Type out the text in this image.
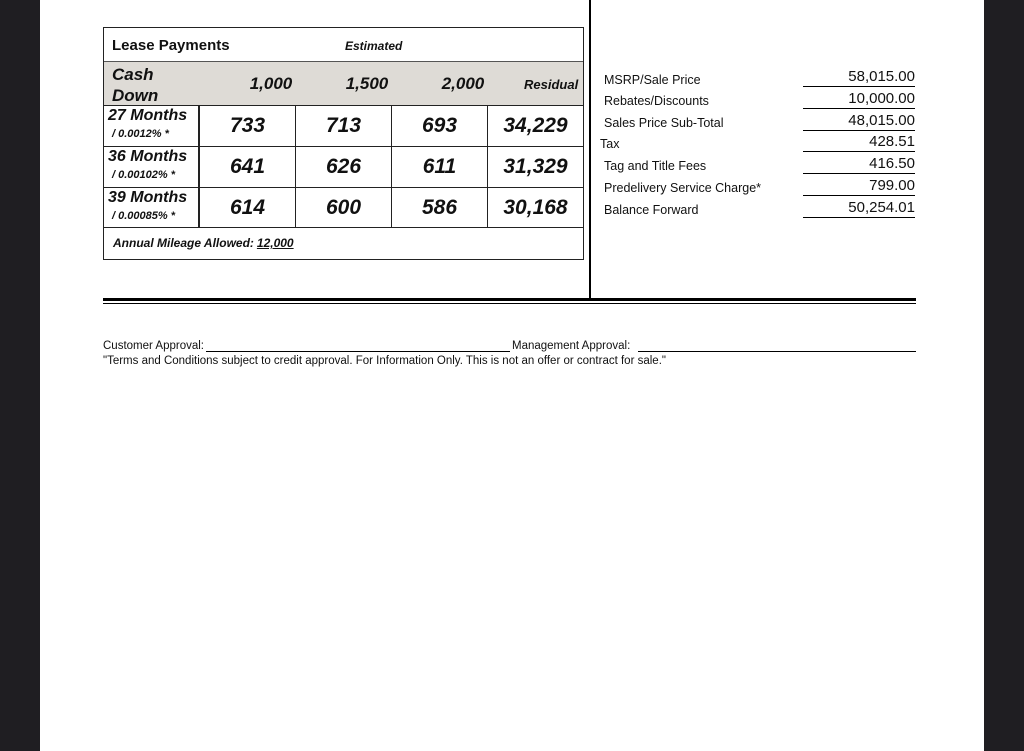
Lease Payments	Estimated
Cash Down
1,000	1,500	2,000	Residual
27 Months
/ 0.0012% *	733	713	693	34,229
36 Months
/ 0.00102% *	641	626	611	31,329
39 Months
/ 0.00085% *	614	600	586	30,168
Annual Mileage Allowed: 12,000
MSRP/Sale Price	58,015.00
Rebates/Discounts	10,000.00
Sales Price Sub-Total	48,015.00
Tax	428.51
Tag and Title Fees	416.50
Predelivery Service Charge*	799.00
Balance Forward	50,254.01
Customer Approval:	Management Approval:
"Terms and Conditions subject to credit approval. For Information Only. This is not an offer or contract for sale."
